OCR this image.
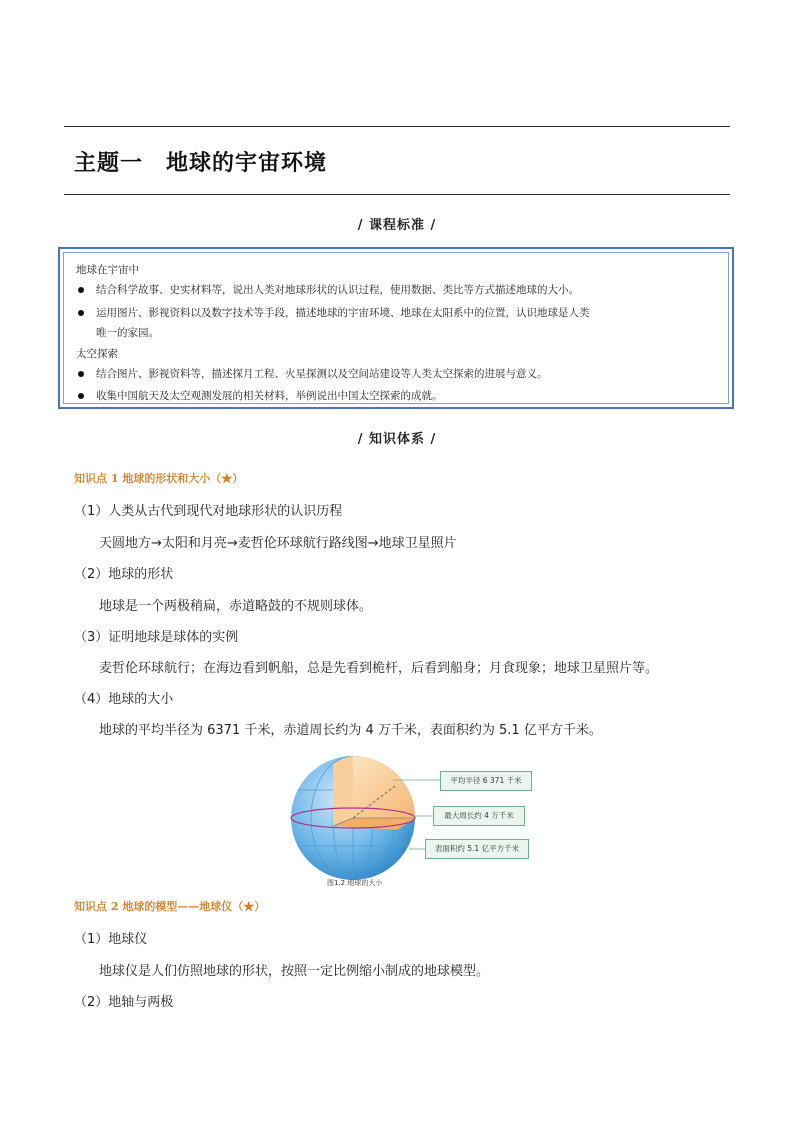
主题一　地球的宇宙环境
/ 课程标准 /
地球在宇宙中
结合科学故事、史实材料等，说出人类对地球形状的认识过程，使用数据、类比等方式描述地球的大小。
运用图片、影视资料以及数字技术等手段，描述地球的宇宙环境、地球在太阳系中的位置，认识地球是人类
唯一的家园。
太空探索
结合图片、影视资料等，描述探月工程、火星探测以及空间站建设等人类太空探索的进展与意义。
收集中国航天及太空观测发展的相关材料，举例说出中国太空探索的成就。
/ 知识体系 /
知识点 1 地球的形状和大小（★）
（1）人类从古代到现代对地球形状的认识历程
天圆地方→太阳和月亮→麦哲伦环球航行路线图→地球卫星照片
（2）地球的形状
地球是一个两极稍扁，赤道略鼓的不规则球体。
（3）证明地球是球体的实例
麦哲伦环球航行；在海边看到帆船，总是先看到桅杆，后看到船身；月食现象；地球卫星照片等。
（4）地球的大小
地球的平均半径为 6371 千米，赤道周长约为 4 万千米，表面积约为 5.1 亿平方千米。
平均半径 6 371 千米
最大周长约 4 万千米
表面积约 5.1 亿平方千米
图1.2 地球的大小
知识点 2 地球的模型——地球仪（★）
（1）地球仪
地球仪是人们仿照地球的形状，按照一定比例缩小制成的地球模型。
（2）地轴与两极
